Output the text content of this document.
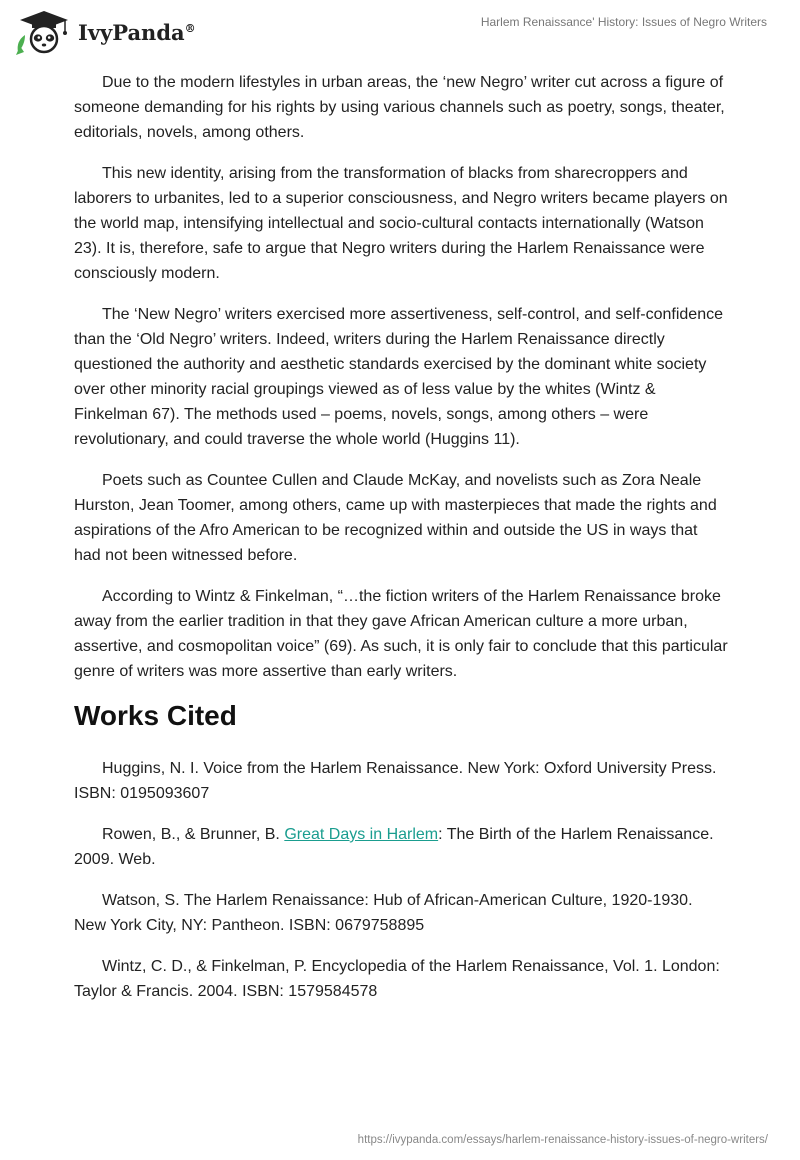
IvyPanda®	Harlem Renaissance' History: Issues of Negro Writers

Due to the modern lifestyles in urban areas, the ‘new Negro’ writer cut across a figure of someone demanding for his rights by using various channels such as poetry, songs, theater, editorials, novels, among others.

This new identity, arising from the transformation of blacks from sharecroppers and laborers to urbanites, led to a superior consciousness, and Negro writers became players on the world map, intensifying intellectual and socio-cultural contacts internationally (Watson 23). It is, therefore, safe to argue that Negro writers during the Harlem Renaissance were consciously modern.

The ‘New Negro’ writers exercised more assertiveness, self-control, and self-confidence than the ‘Old Negro’ writers. Indeed, writers during the Harlem Renaissance directly questioned the authority and aesthetic standards exercised by the dominant white society over other minority racial groupings viewed as of less value by the whites (Wintz & Finkelman 67). The methods used – poems, novels, songs, among others – were revolutionary, and could traverse the whole world (Huggins 11).

Poets such as Countee Cullen and Claude McKay, and novelists such as Zora Neale Hurston, Jean Toomer, among others, came up with masterpieces that made the rights and aspirations of the Afro American to be recognized within and outside the US in ways that had not been witnessed before.

According to Wintz & Finkelman, “…the fiction writers of the Harlem Renaissance broke away from the earlier tradition in that they gave African American culture a more urban, assertive, and cosmopolitan voice” (69). As such, it is only fair to conclude that this particular genre of writers was more assertive than early writers.

Works Cited

Huggins, N. I. Voice from the Harlem Renaissance. New York: Oxford University Press. ISBN: 0195093607

Rowen, B., & Brunner, B. Great Days in Harlem: The Birth of the Harlem Renaissance. 2009. Web.

Watson, S. The Harlem Renaissance: Hub of African-American Culture, 1920-1930. New York City, NY: Pantheon. ISBN: 0679758895

Wintz, C. D., & Finkelman, P. Encyclopedia of the Harlem Renaissance, Vol. 1. London: Taylor & Francis. 2004. ISBN: 1579584578

https://ivypanda.com/essays/harlem-renaissance-history-issues-of-negro-writers/
